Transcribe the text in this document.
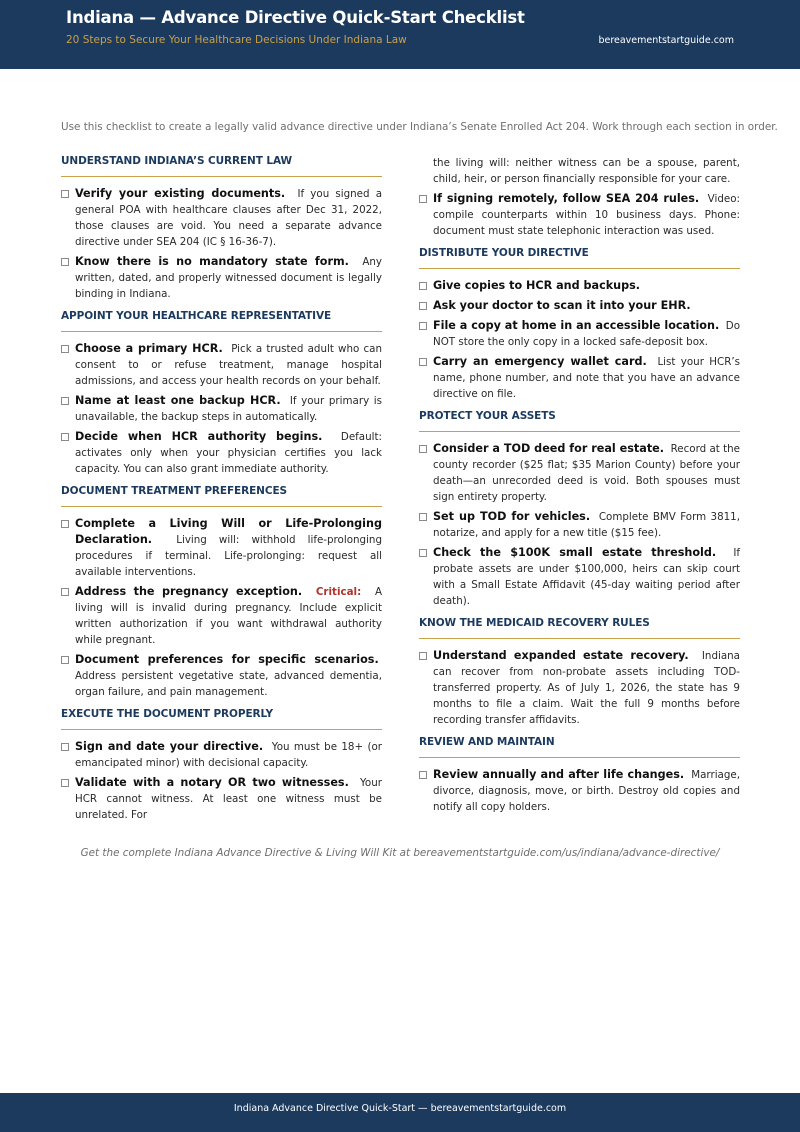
Indiana — Advance Directive Quick-Start Checklist
20 Steps to Secure Your Healthcare Decisions Under Indiana Law	bereavementstartguide.com
Use this checklist to create a legally valid advance directive under Indiana’s Senate Enrolled Act 204. Work through each section in order.
UNDERSTAND INDIANA’S CURRENT LAW
Verify your existing documents. If you signed a general POA with healthcare clauses after Dec 31, 2022, those clauses are void. You need a separate advance directive under SEA 204 (IC § 16-36-7).
Know there is no mandatory state form. Any written, dated, and properly witnessed document is legally binding in Indiana.
APPOINT YOUR HEALTHCARE REPRESENTATIVE
Choose a primary HCR. Pick a trusted adult who can consent to or refuse treatment, manage hospital admissions, and access your health records on your behalf.
Name at least one backup HCR. If your primary is unavailable, the backup steps in automatically.
Decide when HCR authority begins. Default: activates only when your physician certifies you lack capacity. You can also grant immediate authority.
DOCUMENT TREATMENT PREFERENCES
Complete a Living Will or Life-Prolonging Declaration. Living will: withhold life-prolonging procedures if terminal. Life-prolonging: request all available interventions.
Address the pregnancy exception. Critical: A living will is invalid during pregnancy. Include explicit written authorization if you want withdrawal authority while pregnant.
Document preferences for specific scenarios.  Address persistent vegetative state, advanced dementia, organ failure, and pain management.
EXECUTE THE DOCUMENT PROPERLY
Sign and date your directive. You must be 18+ (or emancipated minor) with decisional capacity.
Validate with a notary OR two witnesses. Your HCR cannot witness. At least one witness must be unrelated. For
the living will: neither witness can be a spouse, parent, child, heir, or person financially responsible for your care.
If signing remotely, follow SEA 204 rules. Video: compile counterparts within 10 business days. Phone: document must state telephonic interaction was used.
DISTRIBUTE YOUR DIRECTIVE
Give copies to HCR and backups.
Ask your doctor to scan it into your EHR.
File a copy at home in an accessible location. Do NOT store the only copy in a locked safe-deposit box.
Carry an emergency wallet card. List your HCR’s name, phone number, and note that you have an advance directive on file.
PROTECT YOUR ASSETS
Consider a TOD deed for real estate. Record at the county recorder ($25 flat; $35 Marion County) before your death—an unrecorded deed is void. Both spouses must sign entirety property.
Set up TOD for vehicles. Complete BMV Form 3811, notarize, and apply for a new title ($15 fee).
Check the $100K small estate threshold. If probate assets are under $100,000, heirs can skip court with a Small Estate Affidavit (45-day waiting period after death).
KNOW THE MEDICAID RECOVERY RULES
Understand expanded estate recovery. Indiana can recover from non-probate assets including TOD-transferred property. As of July 1, 2026, the state has 9 months to file a claim. Wait the full 9 months before recording transfer affidavits.
REVIEW AND MAINTAIN
Review annually and after life changes. Marriage, divorce, diagnosis, move, or birth. Destroy old copies and notify all copy holders.
Get the complete Indiana Advance Directive & Living Will Kit at bereavementstartguide.com/us/indiana/advance-directive/
Indiana Advance Directive Quick-Start — bereavementstartguide.com
